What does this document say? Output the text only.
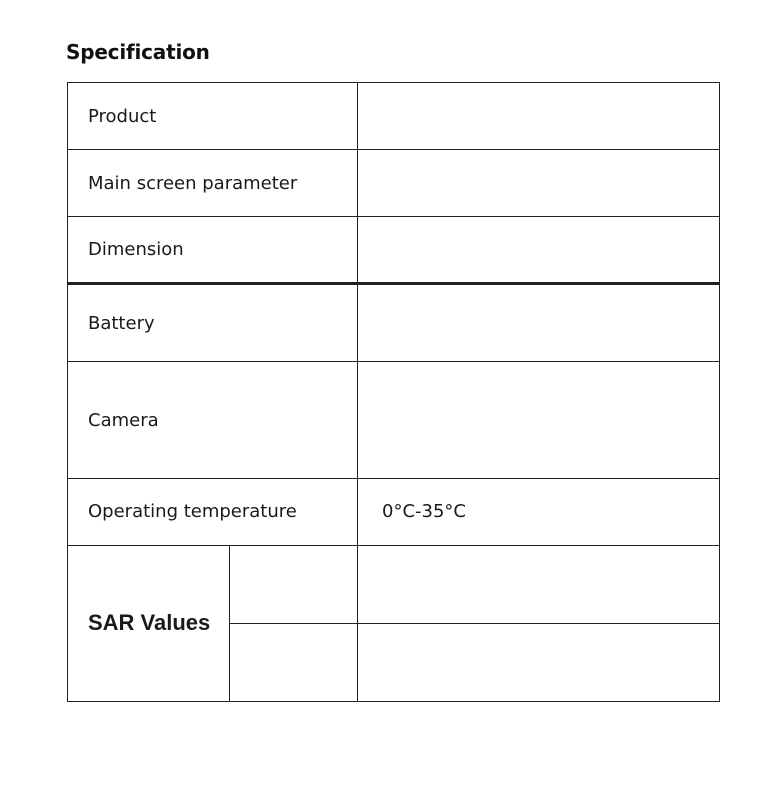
Specification
Product		
Main screen parameter		
Dimension		
Battery		
Camera		
Operating temperature		0°C-35°C
SAR Values		
